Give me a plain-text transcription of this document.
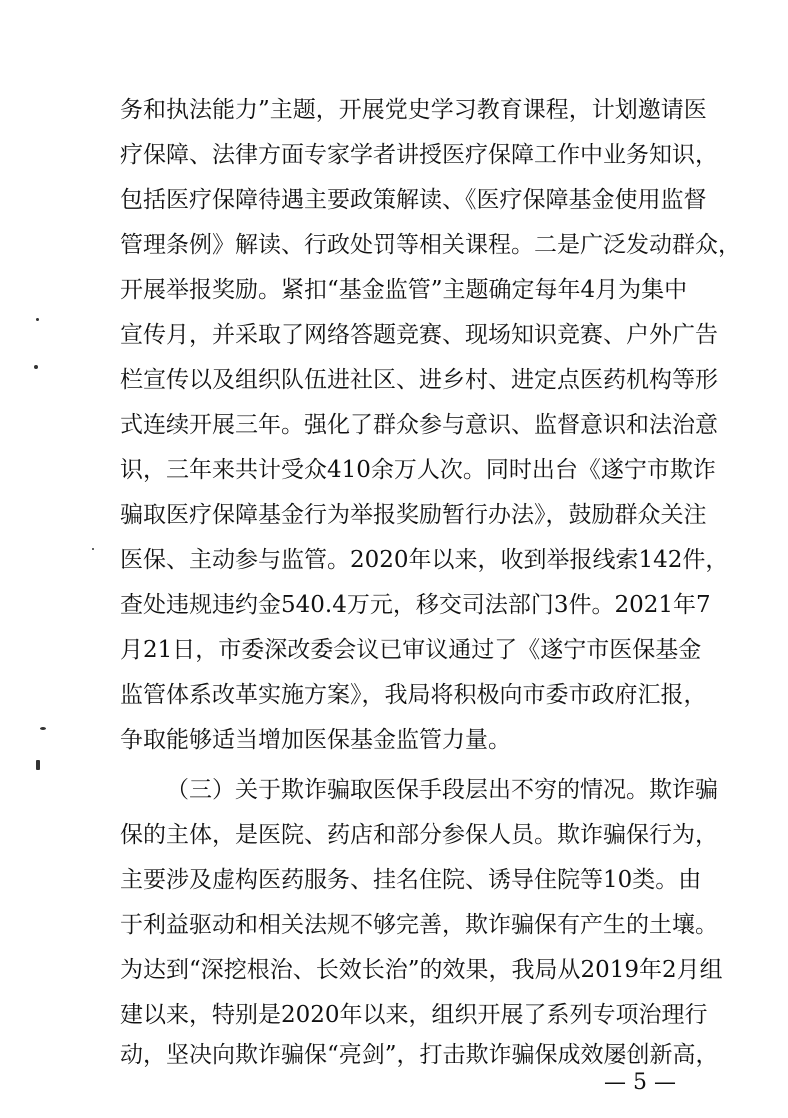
务和执法能力”主题，开展党史学习教育课程，计划邀请医
疗保障、法律方面专家学者讲授医疗保障工作中业务知识，
包括医疗保障待遇主要政策解读、《医疗保障基金使用监督
管理条例》解读、行政处罚等相关课程。二是广泛发动群众，
开展举报奖励。紧扣“基金监管”主题确定每年4月为集中
宣传月，并采取了网络答题竞赛、现场知识竞赛、户外广告
栏宣传以及组织队伍进社区、进乡村、进定点医药机构等形
式连续开展三年。强化了群众参与意识、监督意识和法治意
识，三年来共计受众410余万人次。同时出台《遂宁市欺诈
骗取医疗保障基金行为举报奖励暂行办法》，鼓励群众关注
医保、主动参与监管。2020年以来，收到举报线索142件，
查处违规违约金540.4万元，移交司法部门3件。2021年7
月21日，市委深改委会议已审议通过了《遂宁市医保基金
监管体系改革实施方案》，我局将积极向市委市政府汇报，
争取能够适当增加医保基金监管力量。
（三）关于欺诈骗取医保手段层出不穷的情况。欺诈骗
保的主体，是医院、药店和部分参保人员。欺诈骗保行为，
主要涉及虚构医药服务、挂名住院、诱导住院等10类。由
于利益驱动和相关法规不够完善，欺诈骗保有产生的土壤。
为达到“深挖根治、长效长治”的效果，我局从2019年2月组
建以来，特别是2020年以来，组织开展了系列专项治理行
动，坚决向欺诈骗保“亮剑”，打击欺诈骗保成效屡创新高，
— 5 —
